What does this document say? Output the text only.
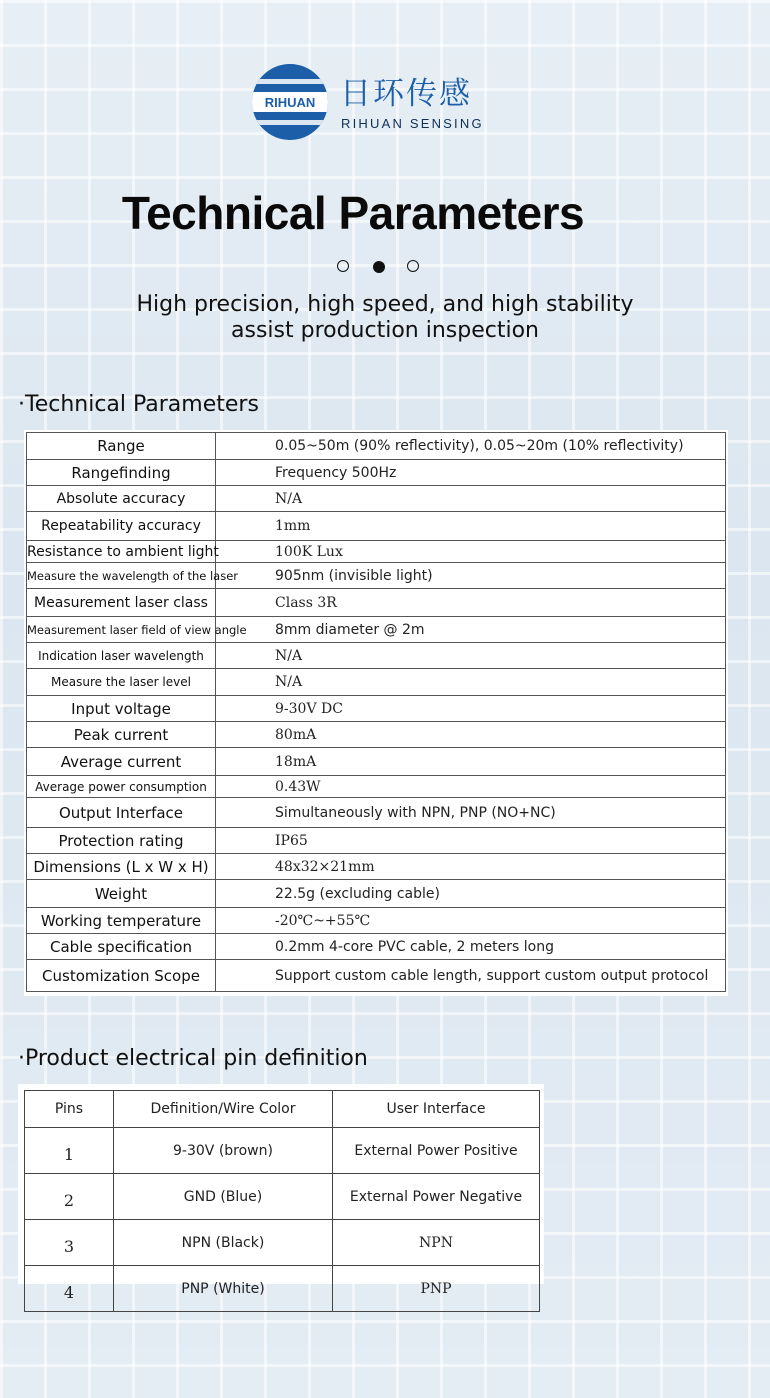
RIHUAN 日环传感
RIHUAN SENSING
Technical Parameters
High precision, high speed, and high stability
assist production inspection
·Technical Parameters
Range	0.05~50m (90% reflectivity), 0.05~20m (10% reflectivity)
Rangefinding	Frequency 500Hz
Absolute accuracy	N/A
Repeatability accuracy	1mm
Resistance to ambient light	100K Lux
Measure the wavelength of the laser	905nm (invisible light)
Measurement laser class	Class 3R
Measurement laser field of view angle	8mm diameter @ 2m
Indication laser wavelength	N/A
Measure the laser level	N/A
Input voltage	9-30V DC
Peak current	80mA
Average current	18mA
Average power consumption	0.43W
Output Interface	Simultaneously with NPN, PNP (NO+NC)
Protection rating	IP65
Dimensions (L x W x H)	48x32×21mm
Weight	22.5g (excluding cable)
Working temperature	-20℃~+55℃
Cable specification	0.2mm 4-core PVC cable, 2 meters long
Customization Scope	Support custom cable length, support custom output protocol
·Product electrical pin definition
Pins	Definition/Wire Color	User Interface
1	9-30V (brown)	External Power Positive
2	GND (Blue)	External Power Negative
3	NPN (Black)	NPN
4	PNP (White)	PNP
